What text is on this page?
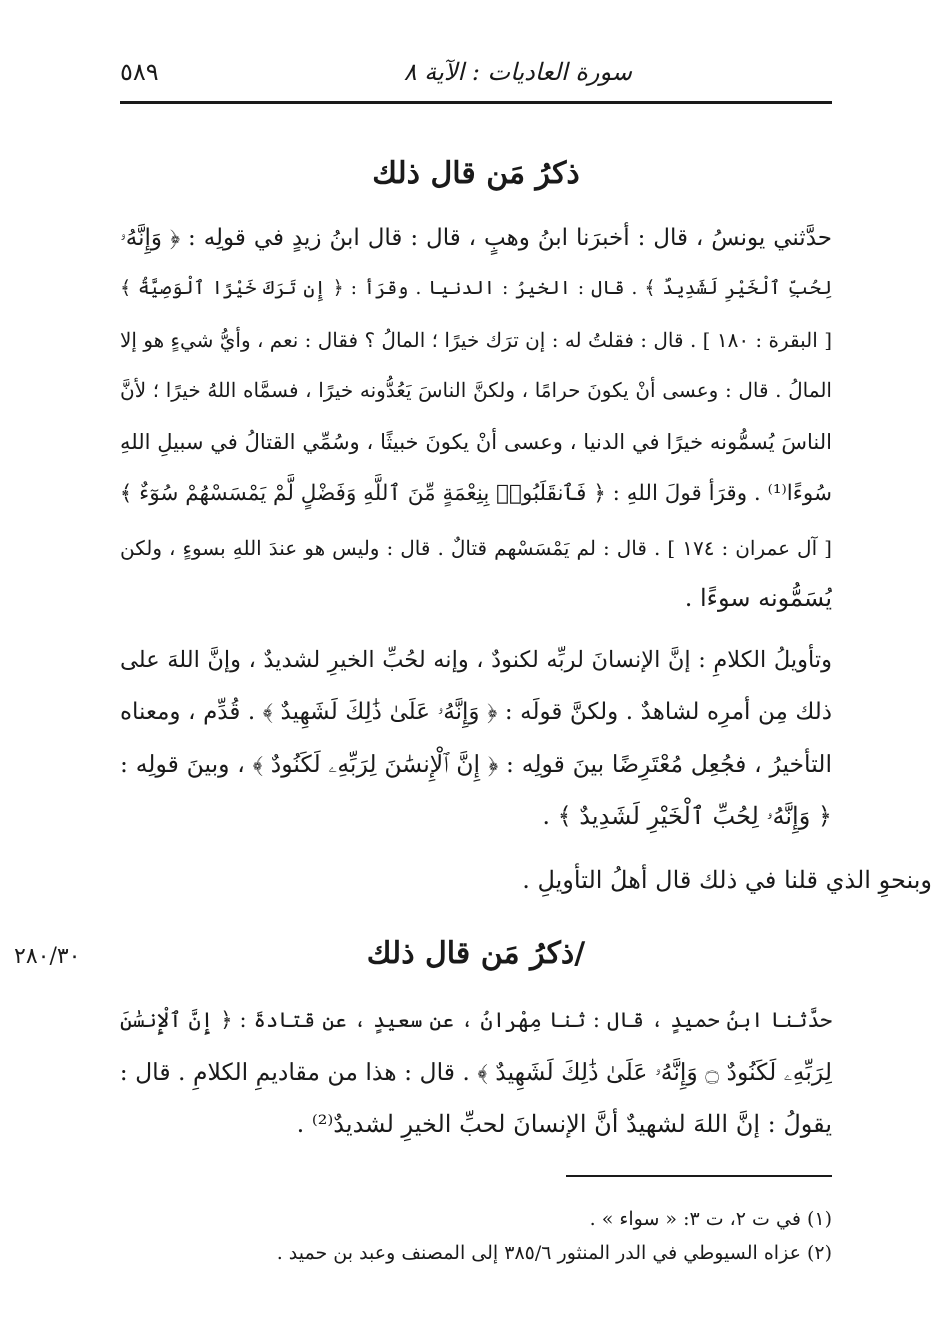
سورة العاديات : الآية ٨
٥٨٩
ذكرُ مَن قال ذلك
حدَّثني يونسُ ، قال : أخبرَنا ابنُ وهبٍ ، قال : قال ابنُ زيدٍ في قولِه : ﴿ وَإِنَّهُۥ
لِحُبِّ ٱلْخَيْرِ لَشَدِيدٌ ﴾ . قال : الخيرُ : الدنيا . وقرَأ : ﴿ إِن تَرَكَ خَيْرًا ٱلْوَصِيَّةُ ﴾
[ البقرة : ١٨٠ ] . قال : فقلتُ له : إن ترَك خيرًا ؛ المالُ ؟ فقال : نعم ، وأيُّ شيءٍ هو إلا
المالُ . قال : وعسى أنْ يكونَ حرامًا ، ولكنَّ الناسَ يَعُدُّونه خيرًا ، فسمَّاه اللهُ خيرًا ؛ لأنَّ
الناسَ يُسمُّونه خيرًا في الدنيا ، وعسى أنْ يكونَ خبيثًا ، وسُمِّي القتالُ في سبيلِ اللهِ
سُوءًا⁽¹⁾ . وقرَأ قولَ اللهِ : ﴿ فَٱنقَلَبُوا۟ بِنِعْمَةٍ مِّنَ ٱللَّهِ وَفَضْلٍ لَّمْ يَمْسَسْهُمْ سُوٓءٌ ﴾
[ آل عمران : ١٧٤ ] . قال : لم يَمْسَسْهم قتالٌ . قال : وليس هو عندَ اللهِ بسوءٍ ، ولكن
يُسَمُّونه سوءًا .
وتأويلُ الكلامِ : إنَّ الإنسانَ لربِّه لكنودٌ ، وإنه لحُبِّ الخيرِ لشديدٌ ، وإنَّ اللهَ على
ذلك مِن أمرِه لشاهدٌ . ولكنَّ قولَه : ﴿ وَإِنَّهُۥ عَلَىٰ ذَٰلِكَ لَشَهِيدٌ ﴾ . قُدِّم ، ومعناه
التأخيرُ ، فجُعِل مُعْتَرِضًا بينَ قولِه : ﴿ إِنَّ ٱلْإِنسَٰنَ لِرَبِّهِۦ لَكَنُودٌ ﴾ ، وبينَ قولِه :
﴿ وَإِنَّهُۥ لِحُبِّ ٱلْخَيْرِ لَشَدِيدٌ ﴾ .
وبنحوِ الذي قلنا في ذلك قال أهلُ التأويلِ .
٢٨٠/٣٠	/ذكرُ مَن قال ذلك
حدَّثنا ابنُ حميدٍ ، قال : ثنا مِهْرانُ ، عن سعيدٍ ، عن قتادةَ : ﴿ إِنَّ ٱلْإِنسَٰنَ
لِرَبِّهِۦ لَكَنُودٌ ۝ وَإِنَّهُۥ عَلَىٰ ذَٰلِكَ لَشَهِيدٌ ﴾ . قال : هذا من مقاديمِ الكلامِ . قال :
يقولُ : إنَّ اللهَ لشهيدٌ أنَّ الإنسانَ لحبِّ الخيرِ لشديدٌ⁽²⁾ .
(١) في ت ٢، ت ٣: « سواء » .
(٢) عزاه السيوطي في الدر المنثور ٣٨٥/٦ إلى المصنف وعبد بن حميد .
